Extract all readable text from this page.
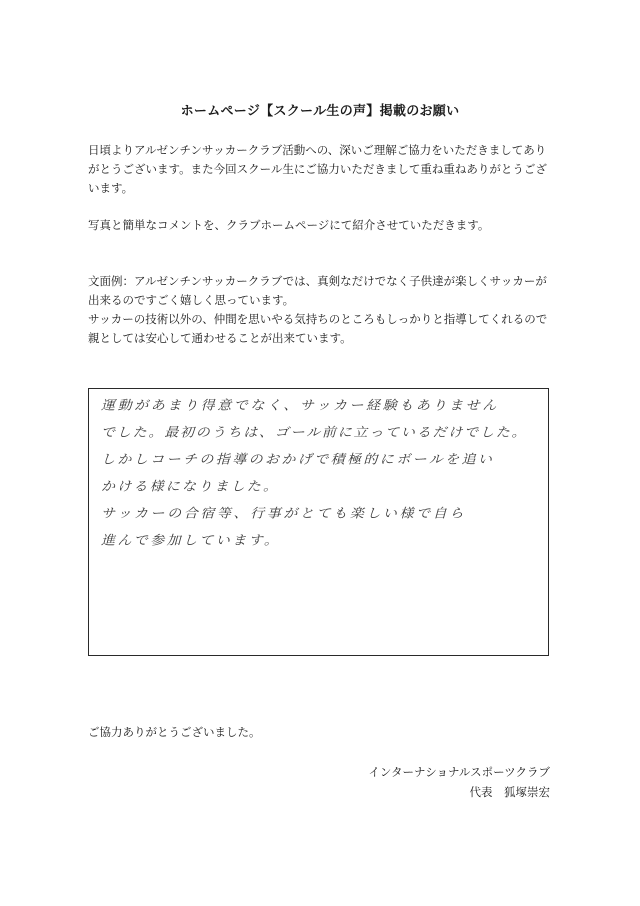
ホームページ【スクール生の声】掲載のお願い

日頃よりアルゼンチンサッカークラブ活動への、深いご理解ご協力をいただきましてあり

がとうございます。また今回スクール生にご協力いただきまして重ね重ねありがとうござ

います。

写真と簡単なコメントを、クラブホームページにて紹介させていただきます。

文面例：アルゼンチンサッカークラブでは、真剣なだけでなく子供達が楽しくサッカーが

出来るのですごく嬉しく思っています。

サッカーの技術以外の、仲間を思いやる気持ちのところもしっかりと指導してくれるので

親としては安心して通わせることが出来ています。

運動があまり得意でなく、サッカー経験もありません
でした。最初のうちは、ゴール前に立っているだけでした。
しかしコーチの指導のおかげで積極的にボールを追い
かける様になりました。
サッカーの合宿等、行事がとても楽しい様で自ら
進んで参加しています。
ご協力ありがとうございました。
インターナショナルスポーツクラブ
代表　狐塚崇宏
